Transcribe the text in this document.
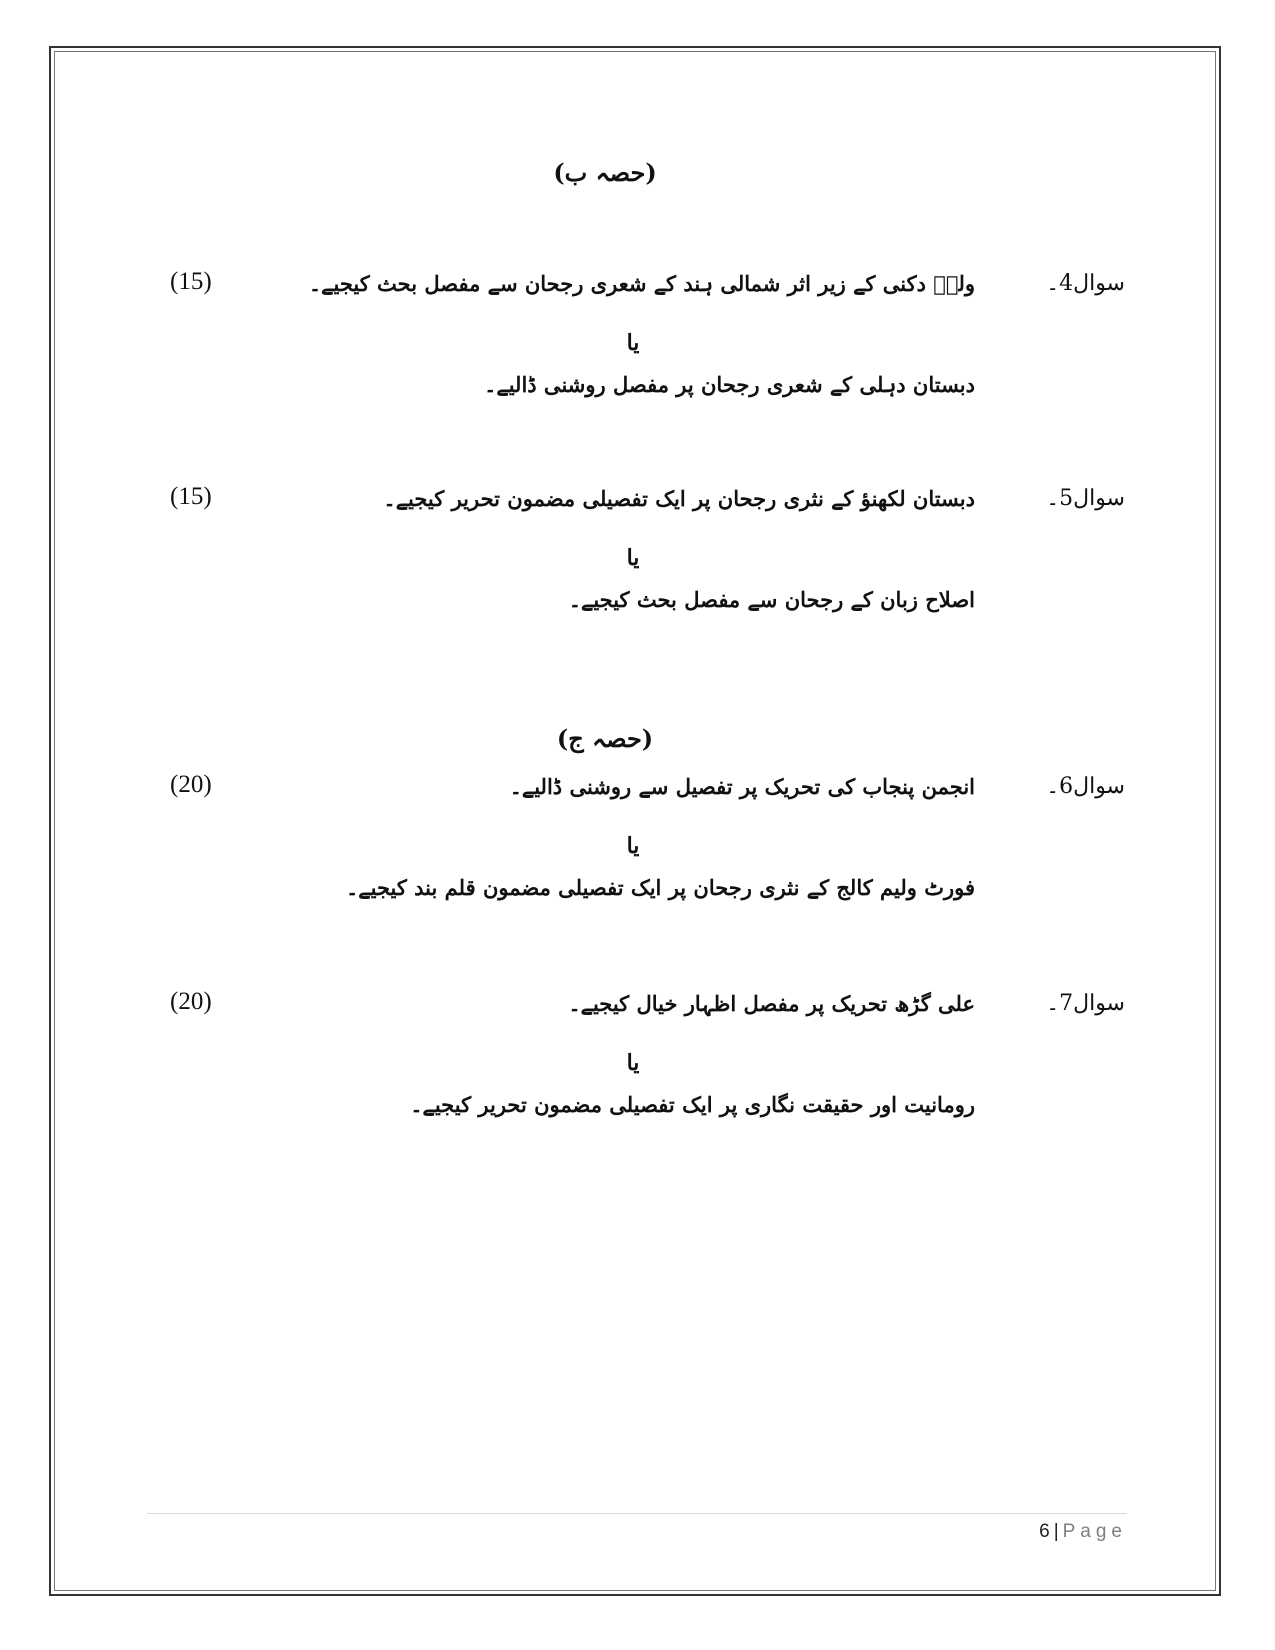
(حصہ ب)
سوال4۔
ولیؔ دکنی کے زیر اثر شمالی ہند کے شعری رجحان سے مفصل بحث کیجیے۔
(15)
یا
دبستان دہلی کے شعری رجحان پر مفصل روشنی ڈالیے۔
سوال5۔
دبستان لکھنؤ کے نثری رجحان پر ایک تفصیلی مضمون تحریر کیجیے۔
(15)
یا
اصلاح زبان کے رجحان سے مفصل بحث کیجیے۔
(حصہ ج)
سوال6۔
انجمن پنجاب کی تحریک پر تفصیل سے روشنی ڈالیے۔
(20)
یا
فورٹ ولیم کالج کے نثری رجحان پر ایک تفصیلی مضمون قلم بند کیجیے۔
سوال7۔
علی گڑھ تحریک پر مفصل اظہار خیال کیجیے۔
(20)
یا
رومانیت اور حقیقت نگاری پر ایک تفصیلی مضمون تحریر کیجیے۔
6 | Page
